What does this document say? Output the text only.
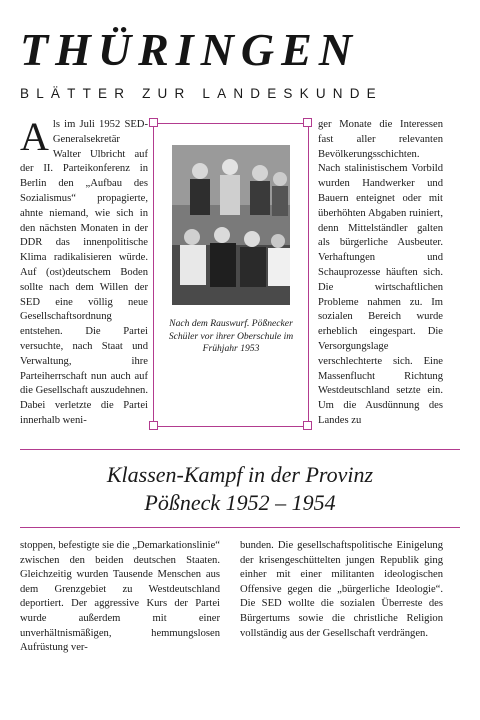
THÜRINGEN
BLÄTTER ZUR LANDESKUNDE

Als im Juli 1952 SED-Generalsekretär Walter Ulbricht auf der II. Parteikonferenz in Berlin den „Aufbau des Sozialismus“ propagierte, ahnte niemand, wie sich in den nächsten Monaten in der DDR das innenpolitische Klima radikalisieren würde. Auf (ost)deutschem Boden sollte nach dem Willen der SED eine völlig neue Gesellschaftsordnung entstehen. Die Partei versuchte, nach Staat und Verwaltung, ihre Parteiherrschaft nun auch auf die Gesellschaft auszudehnen. Dabei verletzte die Partei innerhalb weni-

Nach dem Rauswurf. Pößnecker Schüler vor ihrer Oberschule im Frühjahr 1953

ger Monate die Interessen fast aller relevanten Bevölkerungsschichten. Nach stalinistischem Vorbild wurden Handwerker und Bauern enteignet oder mit überhöhten Abgaben ruiniert, denn Mittelständler galten als bürgerliche Ausbeuter. Verhaftungen und Schauprozesse häuften sich. Die wirtschaftlichen Probleme nahmen zu. Im sozialen Bereich wurde erheblich eingespart. Die Versorgungslage verschlechterte sich. Eine Massenflucht Richtung Westdeutschland setzte ein. Um die Ausdünnung des Landes zu

Klassen-Kampf in der Provinz
Pößneck 1952 – 1954

stoppen, befestigte sie die „Demarkationslinie“ zwischen den beiden deutschen Staaten. Gleichzeitig wurden Tausende Menschen aus dem Grenzgebiet zu Westdeutschland deportiert. Der aggressive Kurs der Partei wurde außerdem mit einer unverhältnismäßigen, hemmungslosen Aufrüstung ver-

bunden. Die gesellschaftspolitische Einigelung der krisengeschüttelten jungen Republik ging einher mit einer militanten ideologischen Offensive gegen die „bürgerliche Ideologie“. Die SED wollte die sozialen Überreste des Bürgertums sowie die christliche Religion vollständig aus der Gesellschaft verdrängen.
